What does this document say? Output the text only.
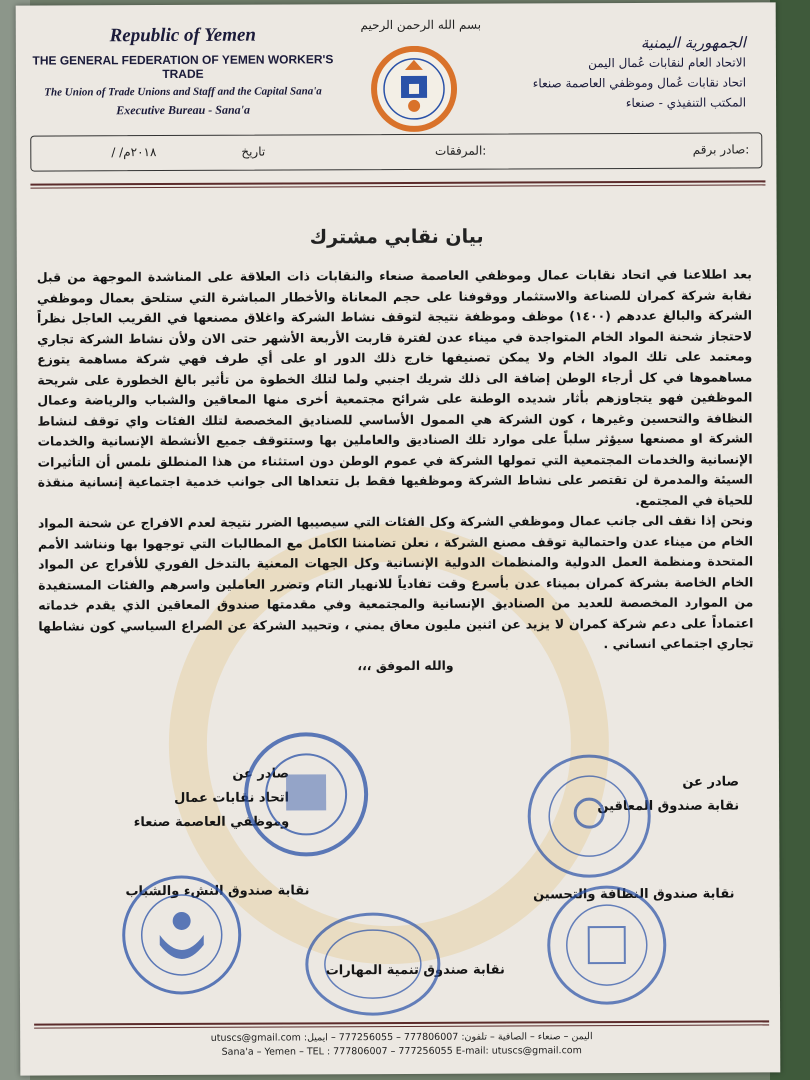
Republic of Yemen
THE GENERAL FEDERATION OF YEMEN WORKER'S TRADE
The Union of Trade Unions and Staff and the Capital Sana'a
Executive Bureau - Sana'a
بسم الله الرحمن الرحيم
الجمهورية اليمنية
الاتحاد العام لنقابات عُمال اليمن
اتحاد نقابات عُمال وموظفي العاصمة صنعاء
المكتب التنفيذي - صنعاء
صادر برقم:
المرفقات:
تاريخ
/ /٢٠١٨م
بيان نقابي مشترك

بعد اطلاعنا في اتحاد نقابات عمال وموظفي العاصمة صنعاء والنقابات ذات العلاقة على المناشدة الموجهة من قبل نقابة شركة كمران للصناعة والاستثمار ووقوفنا على حجم المعاناة والأخطار المباشرة التي ستلحق بعمال وموظفي الشركة والبالغ عددهم (١٤٠٠) موظف وموظفة نتيجة لتوقف نشاط الشركة واغلاق مصنعها في القريب العاجل نظراً لاحتجاز شحنة المواد الخام المتواجدة في ميناء عدن لفترة قاربت الأربعة الأشهر حتى الان ولأن نشاط الشركة تجاري ومعتمد على تلك المواد الخام ولا يمكن تصنيفها خارج ذلك الدور او على أي طرف فهي شركة مساهمة يتوزع مساهموها في كل أرجاء الوطن إضافة الى ذلك شريك اجنبي ولما لتلك الخطوة من تأثير بالغ الخطورة على شريحة الموظفين فهو يتجاوزهم بأثار شديده الوطنة على شرائح مجتمعية أخرى منها المعاقين والشباب والرياضة وعمال النظافة والتحسين وغيرها ، كون الشركة هي الممول الأساسي للصناديق المخصصة لتلك الفئات واي توقف لنشاط الشركة او مصنعها سيؤثر سلباً على موارد تلك الصناديق والعاملين بها وستتوقف جميع الأنشطة الإنسانية والخدمات الإنسانية والخدمات المجتمعية التي تمولها الشركة في عموم الوطن دون استثناء من هذا المنطلق نلمس أن التأثيرات السيئة والمدمرة لن تقتصر على نشاط الشركة وموظفيها فقط بل تتعداها الى جوانب خدمية اجتماعية إنسانية منقذة للحياة في المجتمع.

ونحن إذا نقف الى جانب عمال وموظفي الشركة وكل الفئات التي سيصيبها الضرر نتيجة لعدم الافراج عن شحنة المواد الخام من ميناء عدن واحتمالية توقف مصنع الشركة ، نعلن تضامننا الكامل مع المطالبات التي توجهوا بها ونناشد الأمم المتحدة ومنظمة العمل الدولية والمنظمات الدولية الإنسانية وكل الجهات المعنية بالتدخل الفوري للأفراج عن المواد الخام الخاصة بشركة كمران بميناء عدن بأسرع وقت تفادياً للانهيار التام وتضرر العاملين واسرهم والفئات المستفيدة من الموارد المخصصة للعديد من الصناديق الإنسانية والمجتمعية وفي مقدمتها صندوق المعاقين الذي يقدم خدماته اعتماداً على دعم شركة كمران لا يزيد عن اثنين مليون معاق يمني ، وتحييد الشركة عن الصراع السياسي كون نشاطها تجاري اجتماعي انساني .

والله الموفق ،،،

صادر عن
نقابة صندوق المعاقين
صادر عن
اتحاد نقابات عمال
وموظفي العاصمة صنعاء
نقابة صندوق النظافة والتحسين
نقابة صندوق النشء والشباب
نقابة صندوق تنمية المهارات
اليمن – صنعاء – الصافية – تلفون: 777806007 – 777256055 – ايميل: utuscs@gmail.com
Sana'a – Yemen – TEL : 777806007 – 777256055 E-mail: utuscs@gmail.com
